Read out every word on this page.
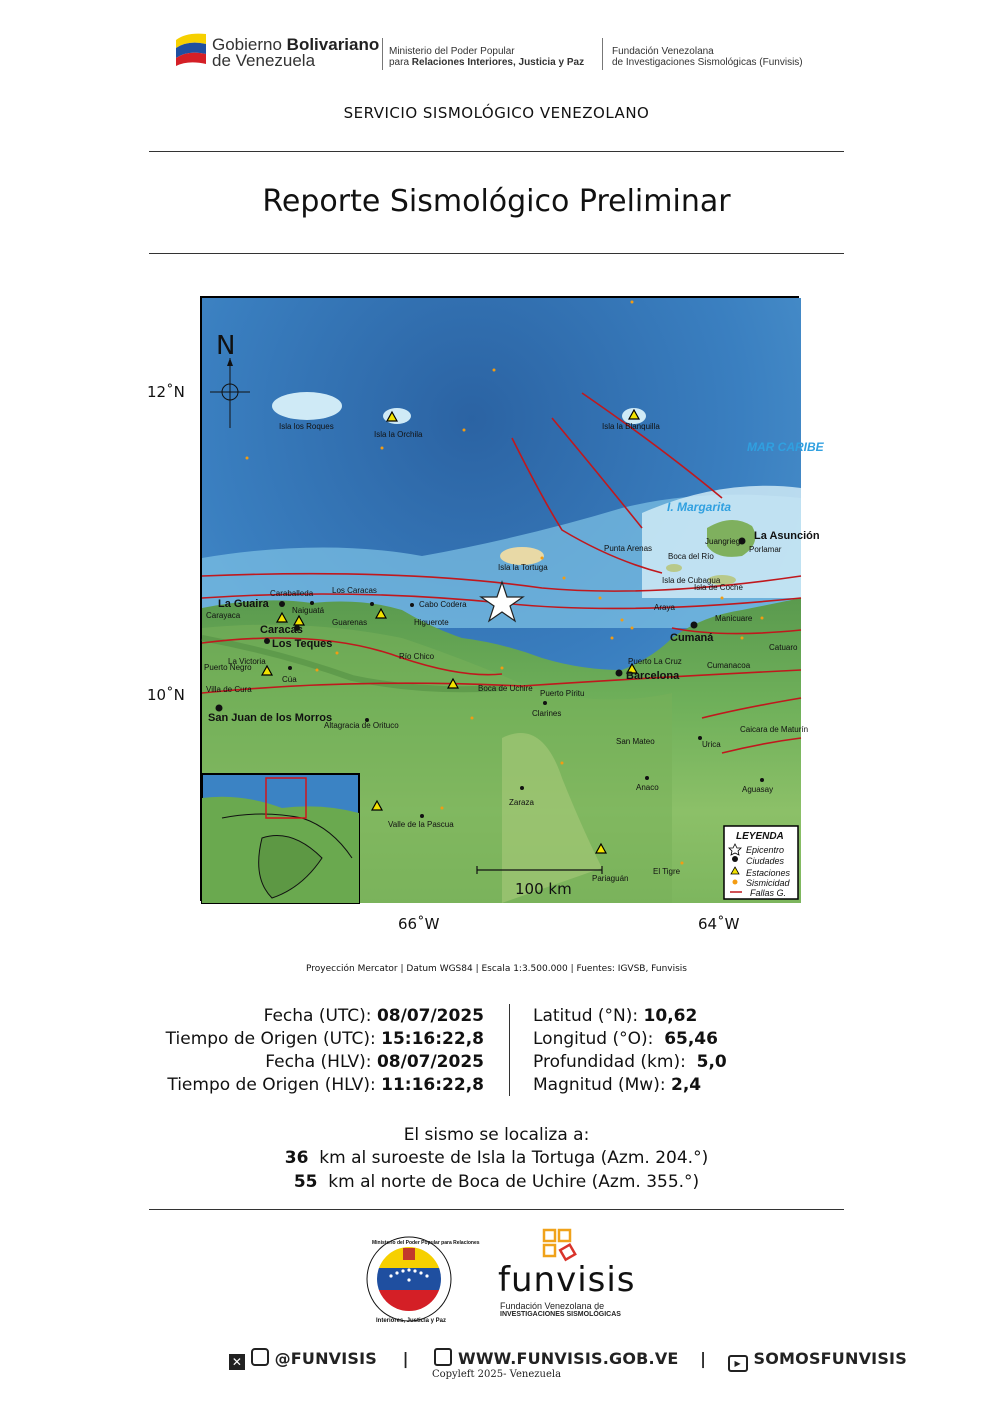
Gobierno Bolivariano
de Venezuela	Ministerio del Poder Popular
para Relaciones Interiores, Justicia y Paz
Fundación Venezolana
de Investigaciones Sismológicas (Funvisis)
SERVICIO SISMOLÓGICO VENEZOLANO
Reporte Sismológico Preliminar
12˚N
10˚N
66˚W	64˚W
Isla los Roques
Isla la Orchila
Isla la Blanquilla
Isla la Tortuga
MAR CARIBE
I. Margarita
La Asunción
Juangriego
Porlamar
Punta Arenas
Boca del Río
Isla de Cubagua
Isla de Coche
Araya
Manicuare
Cumaná
Cumanacoa
Catuaro
Puerto La Cruz
Barcelona
Puerto Píritu
Clarines
Boca de Uchire
Río Chico
Higuerote
Cabo Codera
Los Caracas
Caraballeda
Naiguatá
La Guaira
Carayaca
Caracas
Guarenas
Los Teques
La Victoria
Puerto Negro
Cúa
Villa de Cura
San Juan de los Morros
Altagracia de Orituco
Valle de la Pascua
Zaraza
San Mateo	Urica
Caicara de Maturín
Anaco	Aguasay
Pariaguán
El Tigre
N
100 km
LEYENDA
Epicentro
Ciudades
Estaciones
Sismicidad
Fallas G.
Proyección Mercator | Datum WGS84 | Escala 1:3.500.000 | Fuentes: IGVSB, Funvisis
Fecha (UTC): 08/07/2025
Tiempo de Origen (UTC): 15:16:22,8
Fecha (HLV): 08/07/2025
Tiempo de Origen (HLV): 11:16:22,8
Latitud (°N): 10,62
Longitud (°O): 65,46
Profundidad (km): 5,0
Magnitud (Mw): 2,4
El sismo se localiza a:
36 km al suroeste de Isla la Tortuga (Azm. 204.°)
55 km al norte de Boca de Uchire (Azm. 355.°)
Interiores, Justicia y Paz
Ministerio del Poder Popular para Relaciones
funvisis
Fundación Venezolana de
INVESTIGACIONES SISMOLÓGICAS
✕ @FUNVISIS |	WWW.FUNVISIS.GOB.VE |	▶ SOMOSFUNVISIS
Copyleft 2025- Venezuela
